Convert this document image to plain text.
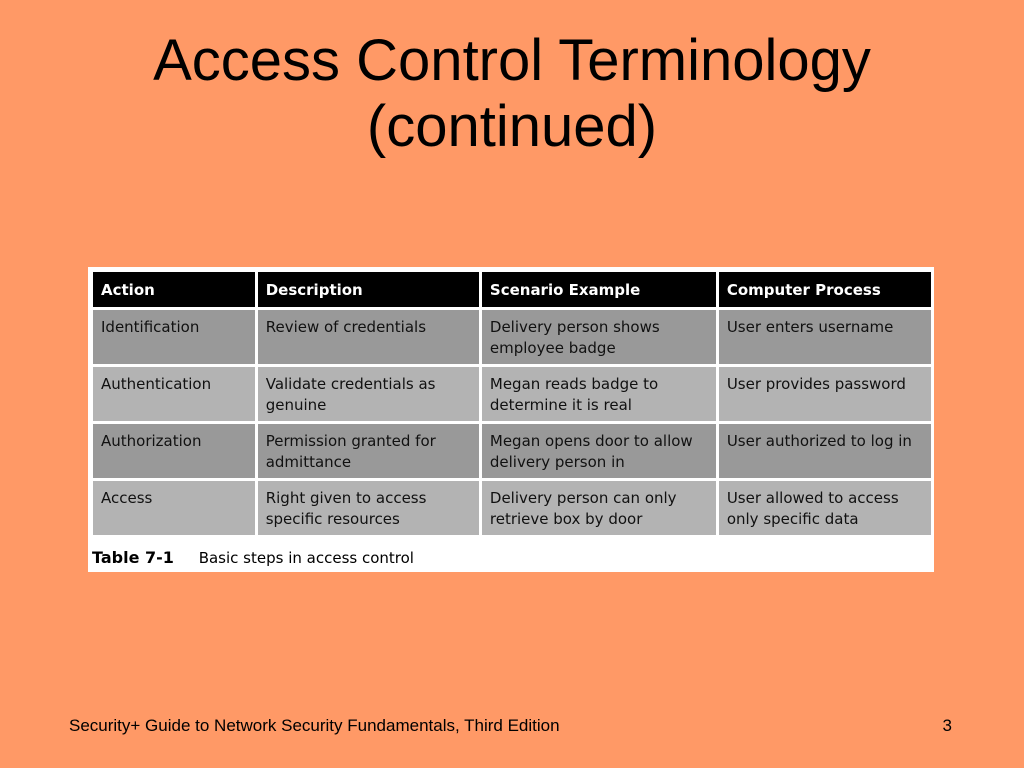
Access Control Terminology
(continued)
Action	Description	Scenario Example	Computer Process
Identification	Review of credentials	Delivery person shows employee badge	User enters username
Authentication	Validate credentials as genuine	Megan reads badge to determine it is real	User provides password
Authorization	Permission granted for admittance	Megan opens door to allow delivery person in	User authorized to log in
Access	Right given to access specific resources	Delivery person can only retrieve box by door	User allowed to access only specific data
Table 7-1 Basic steps in access control
Security+ Guide to Network Security Fundamentals, Third Edition	3
